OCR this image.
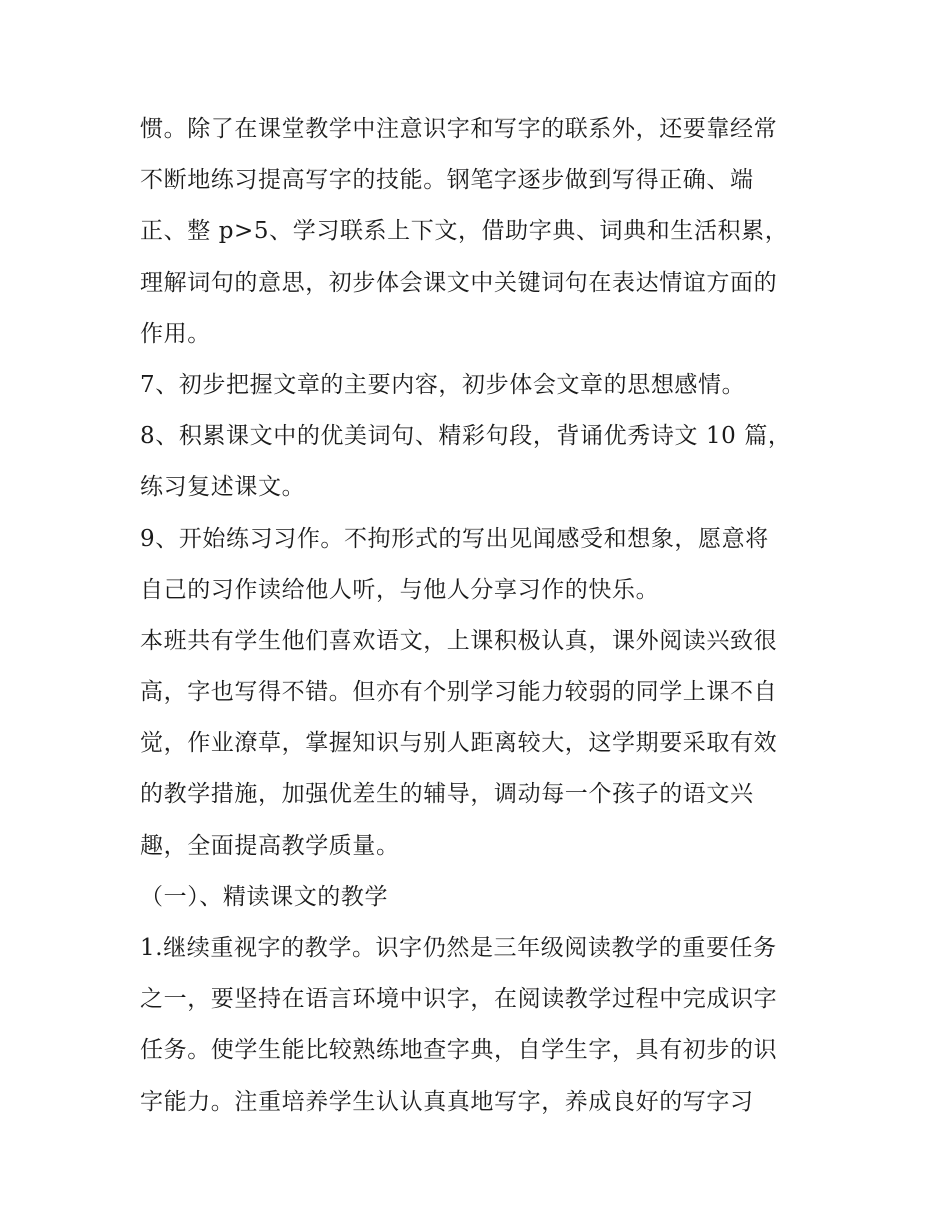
惯。除了在课堂教学中注意识字和写字的联系外，还要靠经常
不断地练习提高写字的技能。钢笔字逐步做到写得正确、端
正、整 p>5、学习联系上下文，借助字典、词典和生活积累，
理解词句的意思，初步体会课文中关键词句在表达情谊方面的
作用。
7、初步把握文章的主要内容，初步体会文章的思想感情。
8、积累课文中的优美词句、精彩句段，背诵优秀诗文 10 篇，
练习复述课文。
9、开始练习习作。不拘形式的写出见闻感受和想象，愿意将
自己的习作读给他人听，与他人分享习作的快乐。
本班共有学生他们喜欢语文，上课积极认真，课外阅读兴致很
高，字也写得不错。但亦有个别学习能力较弱的同学上课不自
觉，作业潦草，掌握知识与别人距离较大，这学期要采取有效
的教学措施，加强优差生的辅导，调动每一个孩子的语文兴
趣，全面提高教学质量。
（一）、精读课文的教学
1.继续重视字的教学。识字仍然是三年级阅读教学的重要任务
之一，要坚持在语言环境中识字，在阅读教学过程中完成识字
任务。使学生能比较熟练地查字典，自学生字，具有初步的识
字能力。注重培养学生认认真真地写字，养成良好的写字习
